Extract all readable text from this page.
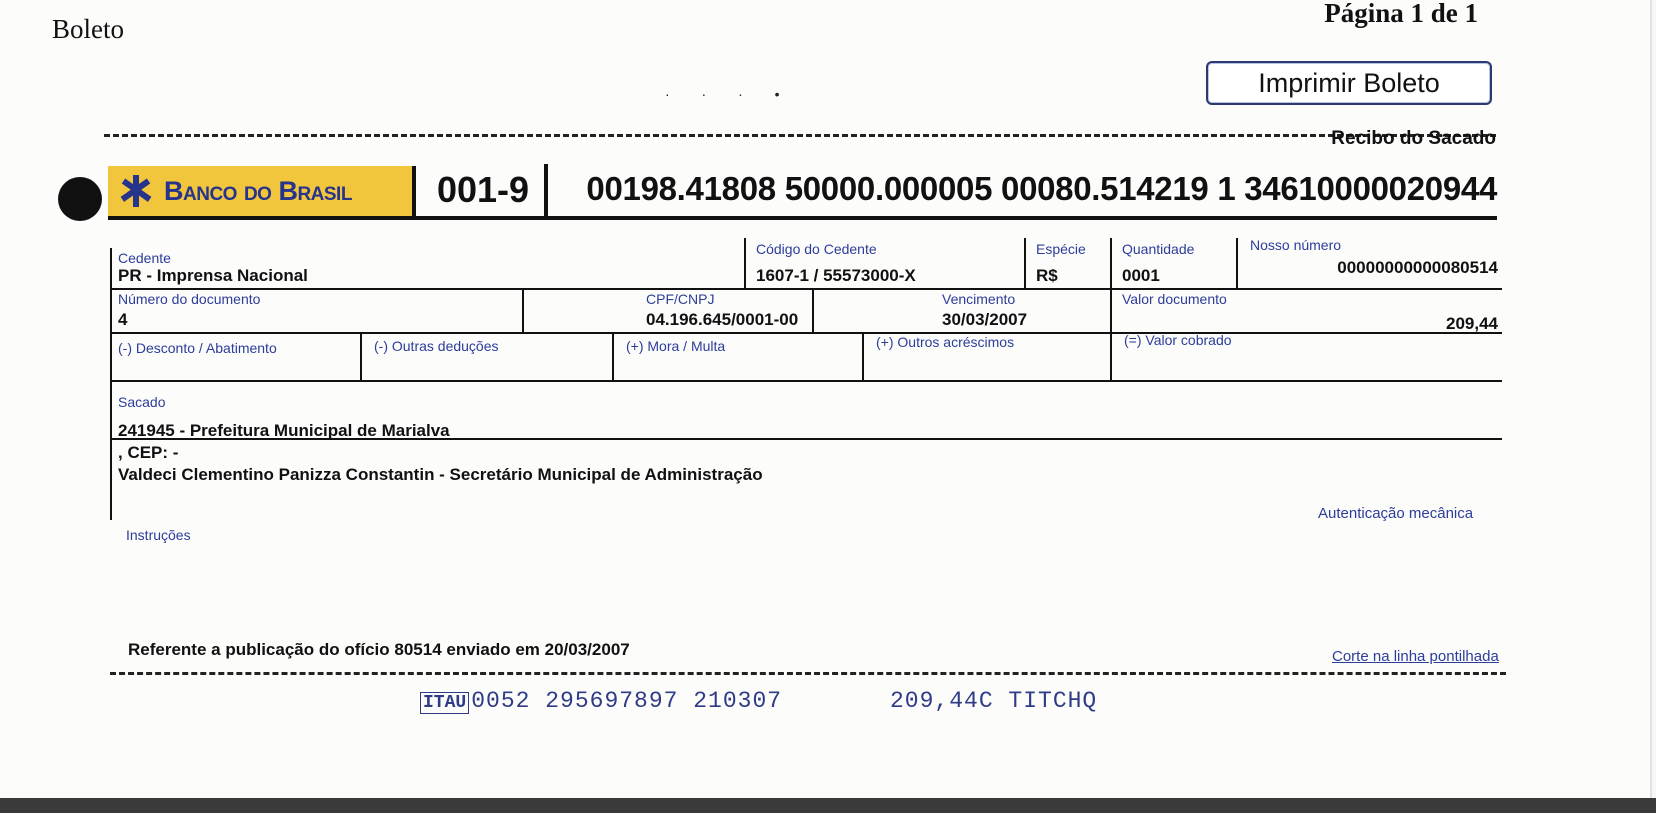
Boleto
Página 1 de 1
· · · •	Imprimir Boleto
Recibo do Sacado
Banco do Brasil	001-9	00198.41808 50000.000005 00080.514219 1 34610000020944
Cedente
PR - Imprensa Nacional
Código do Cedente
1607-1 / 55573000-X
Espécie
R$
Quantidade
0001
Nosso número
00000000000080514
Número do documento
4
CPF/CNPJ
04.196.645/0001-00
Vencimento
30/03/2007
Valor documento
209,44
(-) Desconto / Abatimento	(-) Outras deduções	(+) Mora / Multa	(+) Outros acréscimos	(=) Valor cobrado
Sacado
241945 - Prefeitura Municipal de Marialva
, CEP: -
Valdeci Clementino Panizza Constantin - Secretário Municipal de Administração
Instruções
Autenticação mecânica
Referente a publicação do ofício 80514 enviado em 20/03/2007	Corte na linha pontilhada
ITAU 0052 295697897 210307	209,44C TITCHQ
